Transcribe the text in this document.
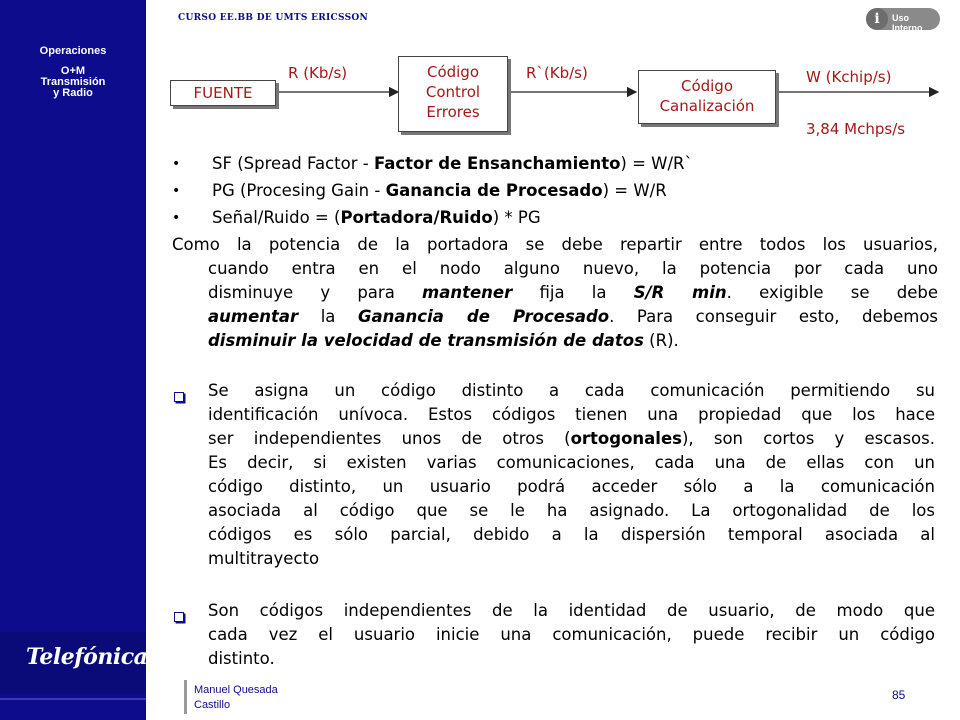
Operaciones
O+M
Transmisión
y Radio
Telefónica
CURSO EE.BB DE UMTS ERICSSON	i	Uso Interno
FUENTE
R (Kb/s)	Código
Control
Errores
R`(Kb/s)
Código
Canalización
W (Kchip/s)
3,84 Mchps/s
• SF (Spread Factor - Factor de Ensanchamiento) = W/R`
• PG (Procesing Gain - Ganancia de Procesado) = W/R
• Señal/Ruido = (Portadora/Ruido) * PG
Como la potencia de la portadora se debe repartir entre todos los usuarios,
cuando entra en el nodo alguno nuevo, la potencia por cada uno
disminuye y para mantener fija la S/R min. exigible se debe
aumentar la Ganancia de Procesado. Para conseguir esto, debemos
disminuir la velocidad de transmisión de datos (R).
Se asigna un código distinto a cada comunicación permitiendo su
identificación unívoca. Estos códigos tienen una propiedad que los hace
ser independientes unos de otros (ortogonales), son cortos y escasos.
Es decir, si existen varias comunicaciones, cada una de ellas con un
código distinto, un usuario podrá acceder sólo a la comunicación
asociada al código que se le ha asignado. La ortogonalidad de los
códigos es sólo parcial, debido a la dispersión temporal asociada al
multitrayecto
Son códigos independientes de la identidad de usuario, de modo que
cada vez el usuario inicie una comunicación, puede recibir un código
distinto.
Manuel Quesada
Castillo
85
